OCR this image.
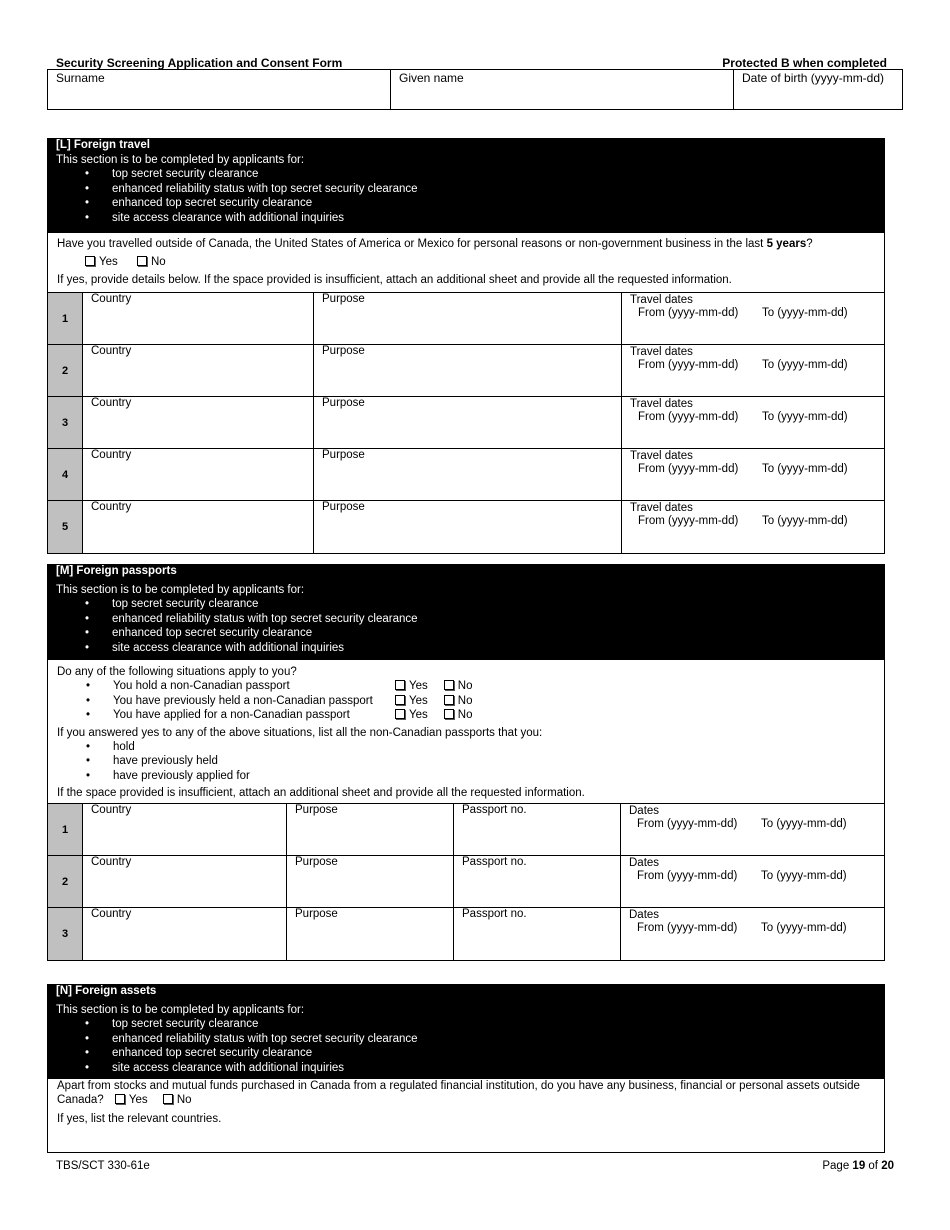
Security Screening Application and Consent Form	Protected B when completed
Surname	Given name	Date of birth (yyyy-mm-dd)
[L] Foreign travel
This section is to be completed by applicants for:
• top secret security clearance
• enhanced reliability status with top secret security clearance
• enhanced top secret security clearance
• site access clearance with additional inquiries
Have you travelled outside of Canada, the United States of America or Mexico for personal reasons or non-government business in the last 5 years?
Yes	No
If yes, provide details below. If the space provided is insufficient, attach an additional sheet and provide all the requested information.
1
Country	Purpose	Travel dates
From (yyyy-mm-dd)	To (yyyy-mm-dd)
2
Country	Purpose	Travel dates
From (yyyy-mm-dd)	To (yyyy-mm-dd)
3
Country	Purpose	Travel dates
From (yyyy-mm-dd)	To (yyyy-mm-dd)
4
Country	Purpose	Travel dates
From (yyyy-mm-dd)	To (yyyy-mm-dd)
5
Country	Purpose	Travel dates
From (yyyy-mm-dd)	To (yyyy-mm-dd)
[M] Foreign passports
This section is to be completed by applicants for:
• top secret security clearance
• enhanced reliability status with top secret security clearance
• enhanced top secret security clearance
• site access clearance with additional inquiries
Do any of the following situations apply to you?
• You hold a non-Canadian passport	Yes	No
• You have previously held a non-Canadian passport	Yes	No
• You have applied for a non-Canadian passport	Yes	No
If you answered yes to any of the above situations, list all the non-Canadian passports that you:
• hold
• have previously held
• have previously applied for
If the space provided is insufficient, attach an additional sheet and provide all the requested information.
1
Country	Purpose	Passport no.	Dates
From (yyyy-mm-dd)	To (yyyy-mm-dd)
2
Country	Purpose	Passport no.	Dates
From (yyyy-mm-dd)	To (yyyy-mm-dd)
3
Country	Purpose	Passport no.	Dates
From (yyyy-mm-dd)	To (yyyy-mm-dd)
[N] Foreign assets
This section is to be completed by applicants for:
• top secret security clearance
• enhanced reliability status with top secret security clearance
• enhanced top secret security clearance
• site access clearance with additional inquiries
Apart from stocks and mutual funds purchased in Canada from a regulated financial institution, do you have any business, financial or personal assets outside Canada? Yes	No
If yes, list the relevant countries.
TBS/SCT 330-61e	Page 19 of 20
